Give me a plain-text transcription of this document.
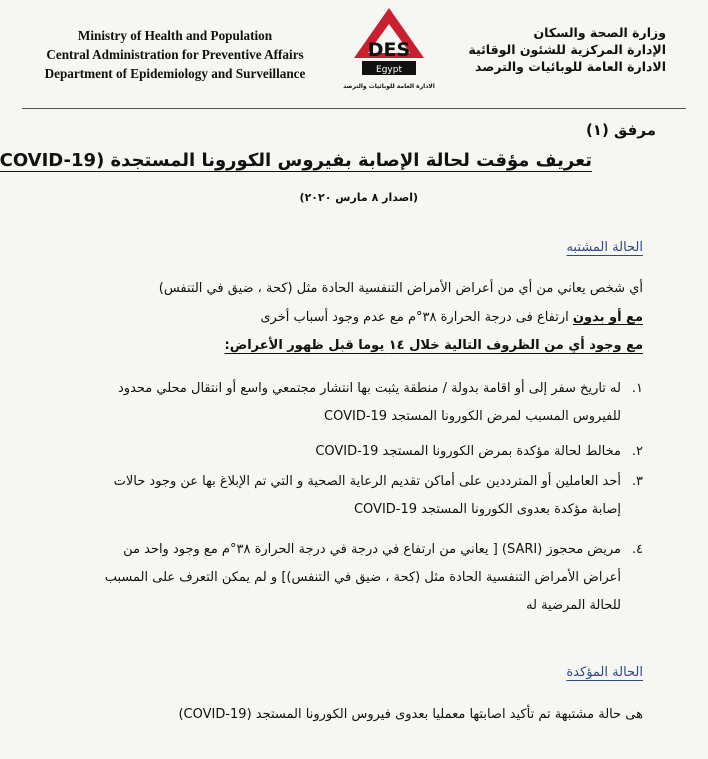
Ministry of Health and Population
Central Administration for Preventive Affairs
Department of Epidemiology and Surveillance
DES
Egypt
الادارة العامة للوبائيات والترصد
وزارة الصحة والسكان
الإدارة المركزية للشئون الوقائية
الادارة العامة للوبائيات والترصد
مرفق (١)
تعريف مؤقت لحالة الإصابة بفيروس الكورونا المستجدة (COVID-19
(اصدار ٨ مارس ٢٠٢٠)
الحالة المشتبه
أي شخص يعاني من أي من أعراض الأمراض التنفسية الحادة مثل (كحة ، ضيق في التنفس)
مع أو بدون ارتفاع فى درجة الحرارة ٣٨°م مع عدم وجود أسباب أخرى
مع وجود أي من الظروف التالية خلال ١٤ يوما قبل ظهور الأعراض:
١.
له تاريخ سفر إلى أو اقامة بدولة / منطقة يثبت بها انتشار مجتمعي واسع أو انتقال محلي محدود
للفيروس المسبب لمرض الكورونا المستجد COVID-19
٢.
مخالط لحالة مؤكدة بمرض الكورونا المستجد COVID-19
٣.
أحد العاملين أو المترددين على أماكن تقديم الرعاية الصحية و التي تم الإبلاغ بها عن وجود حالات
إصابة مؤكدة بعدوى الكورونا المستجد COVID-19
٤.
مريض محجوز (SARI) [ يعاني من ارتفاع في درجة في درجة الحرارة ٣٨°م مع وجود واحد من
أعراض الأمراض التنفسية الحادة مثل (كحة ، ضيق في التنفس)] و لم يمكن التعرف على المسبب
للحالة المرضية له
الحالة المؤكدة
هى حالة مشتبهة تم تأكيد اصابتها معمليا بعدوى فيروس الكورونا المستجد (COVID-19)
